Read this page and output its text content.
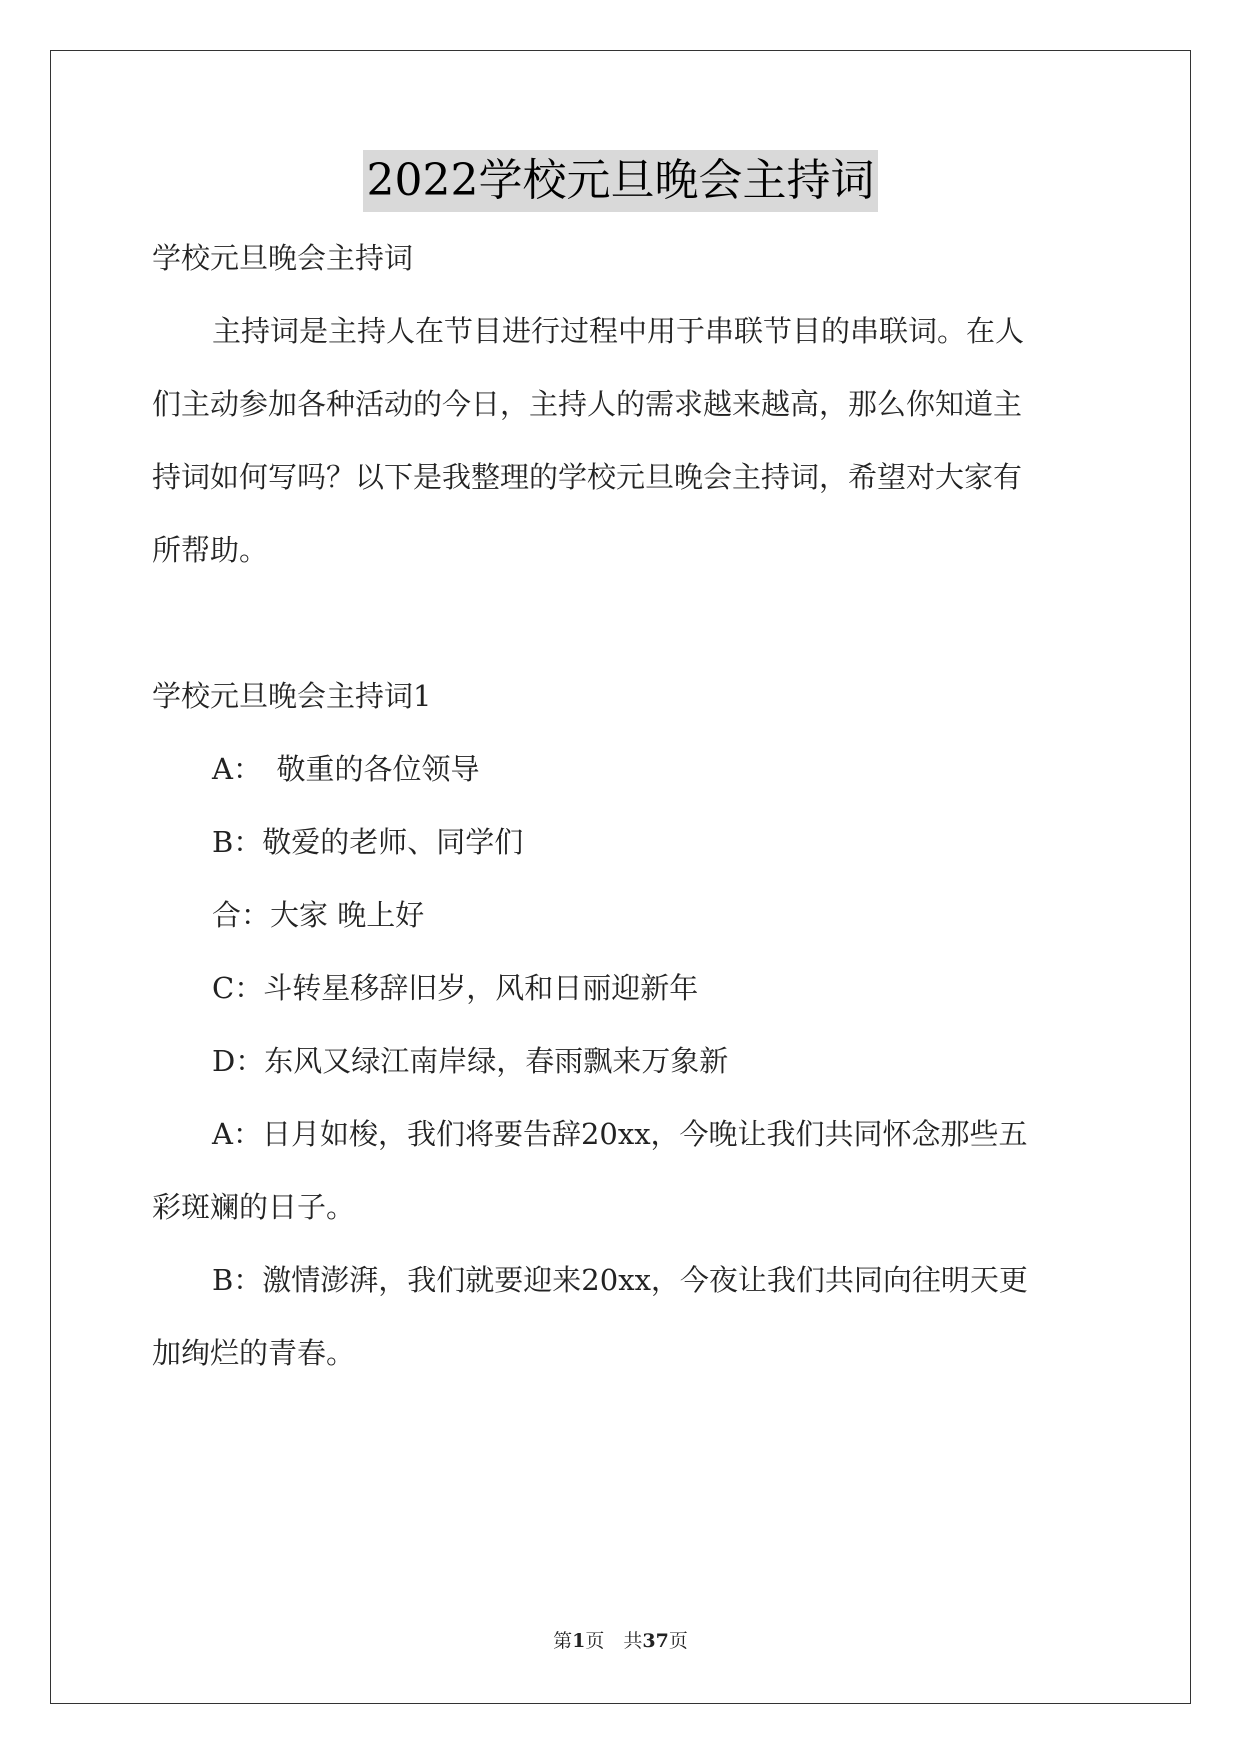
2022学校元旦晚会主持词
学校元旦晚会主持词
主持词是主持人在节目进行过程中用于串联节目的串联词。在人
们主动参加各种活动的今日，主持人的需求越来越高，那么你知道主
持词如何写吗？以下是我整理的学校元旦晚会主持词，希望对大家有
所帮助。
学校元旦晚会主持词1
A：　敬重的各位领导
B：敬爱的老师、同学们
合：大家 晚上好
C：斗转星移辞旧岁，风和日丽迎新年
D：东风又绿江南岸绿，春雨飘来万象新
A：日月如梭，我们将要告辞20xx，今晚让我们共同怀念那些五
彩斑斓的日子。
B：激情澎湃，我们就要迎来20xx，今夜让我们共同向往明天更
加绚烂的青春。
第1页　共37页
